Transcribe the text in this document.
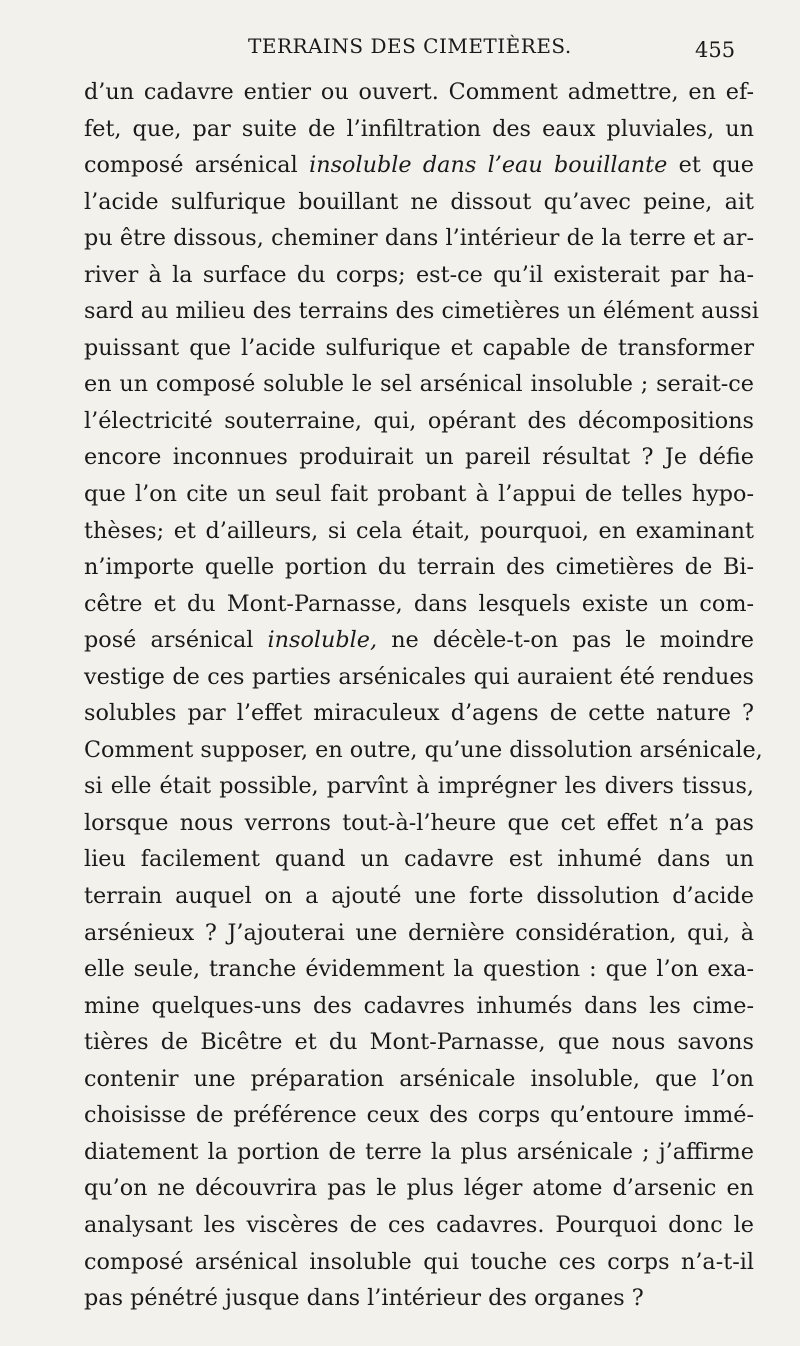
TERRAINS DES CIMETIÈRES.	455
d’un cadavre entier ou ouvert. Comment admettre, en ef-
fet, que, par suite de l’infiltration des eaux pluviales, un
composé arsénical insoluble dans l’eau bouillante et que
l’acide sulfurique bouillant ne dissout qu’avec peine, ait
pu être dissous, cheminer dans l’intérieur de la terre et ar-
river à la surface du corps; est-ce qu’il existerait par ha-
sard au milieu des terrains des cimetières un élément aussi
puissant que l’acide sulfurique et capable de transformer
en un composé soluble le sel arsénical insoluble ; serait-ce
l’électricité souterraine, qui, opérant des décompositions
encore inconnues produirait un pareil résultat ? Je défie
que l’on cite un seul fait probant à l’appui de telles hypo-
thèses; et d’ailleurs, si cela était, pourquoi, en examinant
n’importe quelle portion du terrain des cimetières de Bi-
cêtre et du Mont-Parnasse, dans lesquels existe un com-
posé arsénical insoluble, ne décèle-t-on pas le moindre
vestige de ces parties arsénicales qui auraient été rendues
solubles par l’effet miraculeux d’agens de cette nature ?
Comment supposer, en outre, qu’une dissolution arsénicale,
si elle était possible, parvînt à imprégner les divers tissus,
lorsque nous verrons tout-à-l’heure que cet effet n’a pas
lieu facilement quand un cadavre est inhumé dans un
terrain auquel on a ajouté une forte dissolution d’acide
arsénieux ? J’ajouterai une dernière considération, qui, à
elle seule, tranche évidemment la question : que l’on exa-
mine quelques-uns des cadavres inhumés dans les cime-
tières de Bicêtre et du Mont-Parnasse, que nous savons
contenir une préparation arsénicale insoluble, que l’on
choisisse de préférence ceux des corps qu’entoure immé-
diatement la portion de terre la plus arsénicale ; j’affirme
qu’on ne découvrira pas le plus léger atome d’arsenic en
analysant les viscères de ces cadavres. Pourquoi donc le
composé arsénical insoluble qui touche ces corps n’a-t-il
pas pénétré jusque dans l’intérieur des organes ?
